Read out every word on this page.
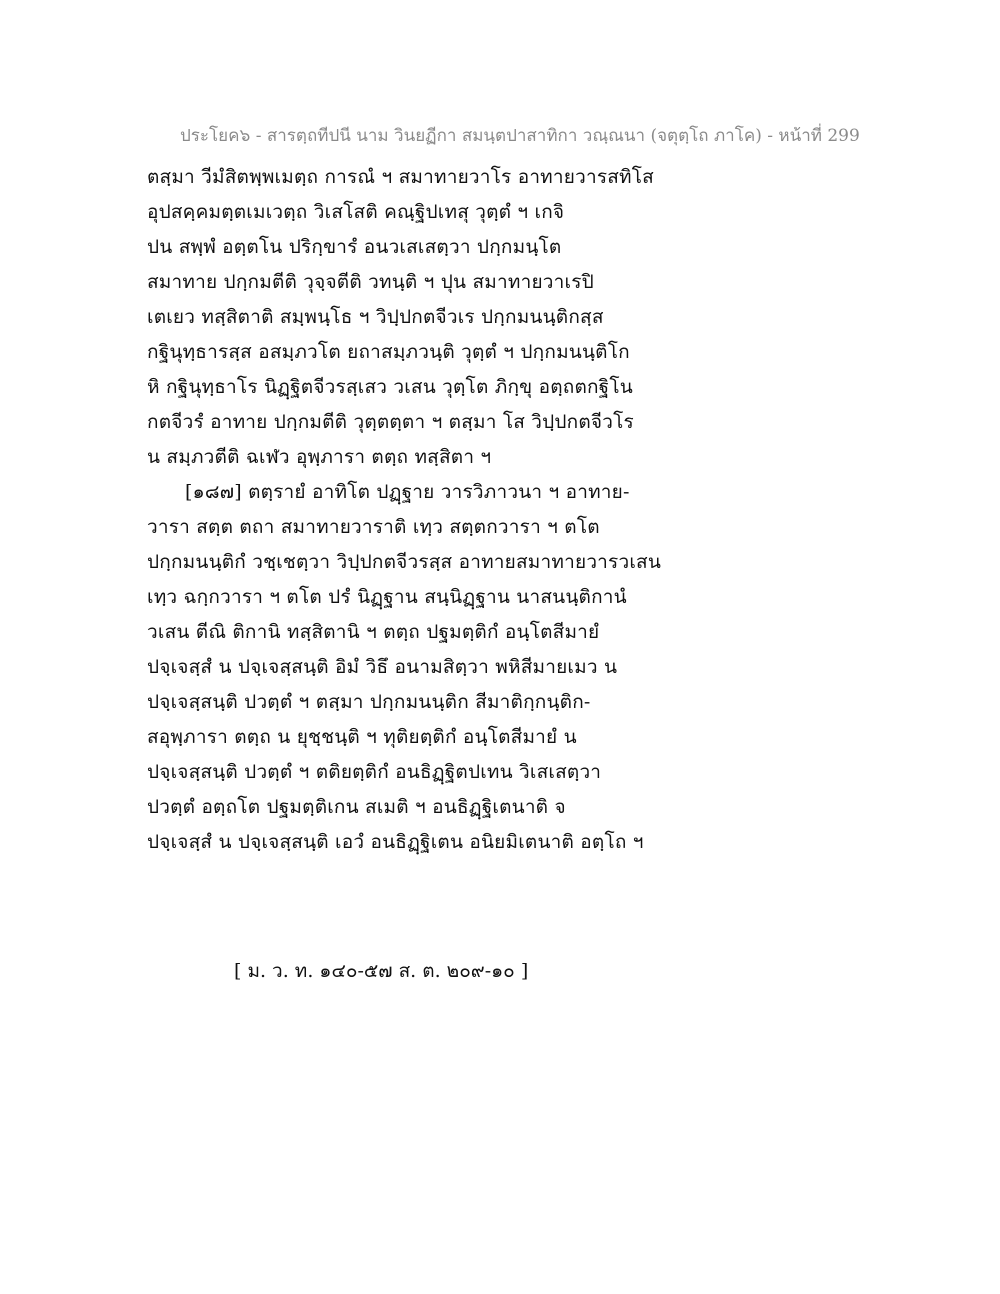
ประโยค๖ - สารตฺถทีปนี นาม วินยฏีกา สมนฺตปาสาทิกา วณฺณนา (จตุตฺโถ ภาโค) - หน้าที่ 299
ตสฺมา วีมํสิตพฺพเมตฺถ การณํ ฯ สมาทายวาโร อาทายวารสทิโส
อุปสคฺคมตฺตเมเวตฺถ วิเสโสติ คณฺฐิปเทสุ วุตฺตํ ฯ เกจิ
ปน สพฺพํ อตฺตโน ปริกฺขารํ อนวเสเสตฺวา ปกฺกมนฺโต
สมาทาย ปกฺกมตีติ วุจฺจตีติ วทนฺติ ฯ ปุน สมาทายวาเรปิ
เตเยว ทสฺสิตาติ สมฺพนฺโธ ฯ วิปฺปกตจีวเร ปกฺกมนนฺติกสฺส
กฐินุทฺธารสฺส อสมฺภวโต ยถาสมฺภวนฺติ วุตฺตํ ฯ ปกฺกมนนฺติโก
หิ กฐินุทฺธาโร นิฏฺฐิตจีวรสฺเสว วเสน วุตฺโต ภิกฺขุ อตฺถตกฐิโน
กตจีวรํ อาทาย ปกฺกมตีติ วุตฺตตฺตา ฯ ตสฺมา โส วิปฺปกตจีวโร
น สมฺภวตีติ ฉเฬว อุพฺภารา ตตฺถ ทสฺสิตา ฯ
[๑๘๗] ตตฺรายํ อาทิโต ปฏฺฐาย วารวิภาวนา ฯ อาทาย-
วารา สตฺต ตถา สมาทายวาราติ เทฺว สตฺตกวารา ฯ ตโต
ปกฺกมนนฺติกํ วชฺเชตฺวา วิปฺปกตจีวรสฺส อาทายสมาทายวารวเสน
เทฺว ฉกฺกวารา ฯ ตโต ปรํ นิฏฺฐาน สนฺนิฏฺฐาน นาสนนฺติกานํ
วเสน ตีณิ ติกานิ ทสฺสิตานิ ฯ ตตฺถ ปฐมตฺติกํ อนฺโตสีมายํ
ปจฺเจสฺสํ น ปจฺเจสฺสนฺติ อิมํ วิธึ อนามสิตฺวา พหิสีมายเมว น
ปจฺเจสฺสนฺติ ปวตฺตํ ฯ ตสฺมา ปกฺกมนนฺติก สีมาติกฺกนฺติก-
สอุพฺภารา ตตฺถ น ยุชฺชนฺติ ฯ ทุติยตฺติกํ อนฺโตสีมายํ น
ปจฺเจสฺสนฺติ ปวตฺตํ ฯ ตติยตฺติกํ อนธิฏฺฐิตปเทน วิเสเสตฺวา
ปวตฺตํ อตฺถโต ปฐมตฺติเกน สเมติ ฯ อนธิฏฺฐิเตนาติ จ
ปจฺเจสฺสํ น ปจฺเจสฺสนฺติ เอวํ อนธิฏฺฐิเตน อนิยมิเตนาติ อตฺโถ ฯ
[ ม. ว. ท. ๑๔๐-๕๗ ส. ต. ๒๐๙-๑๐ ]
